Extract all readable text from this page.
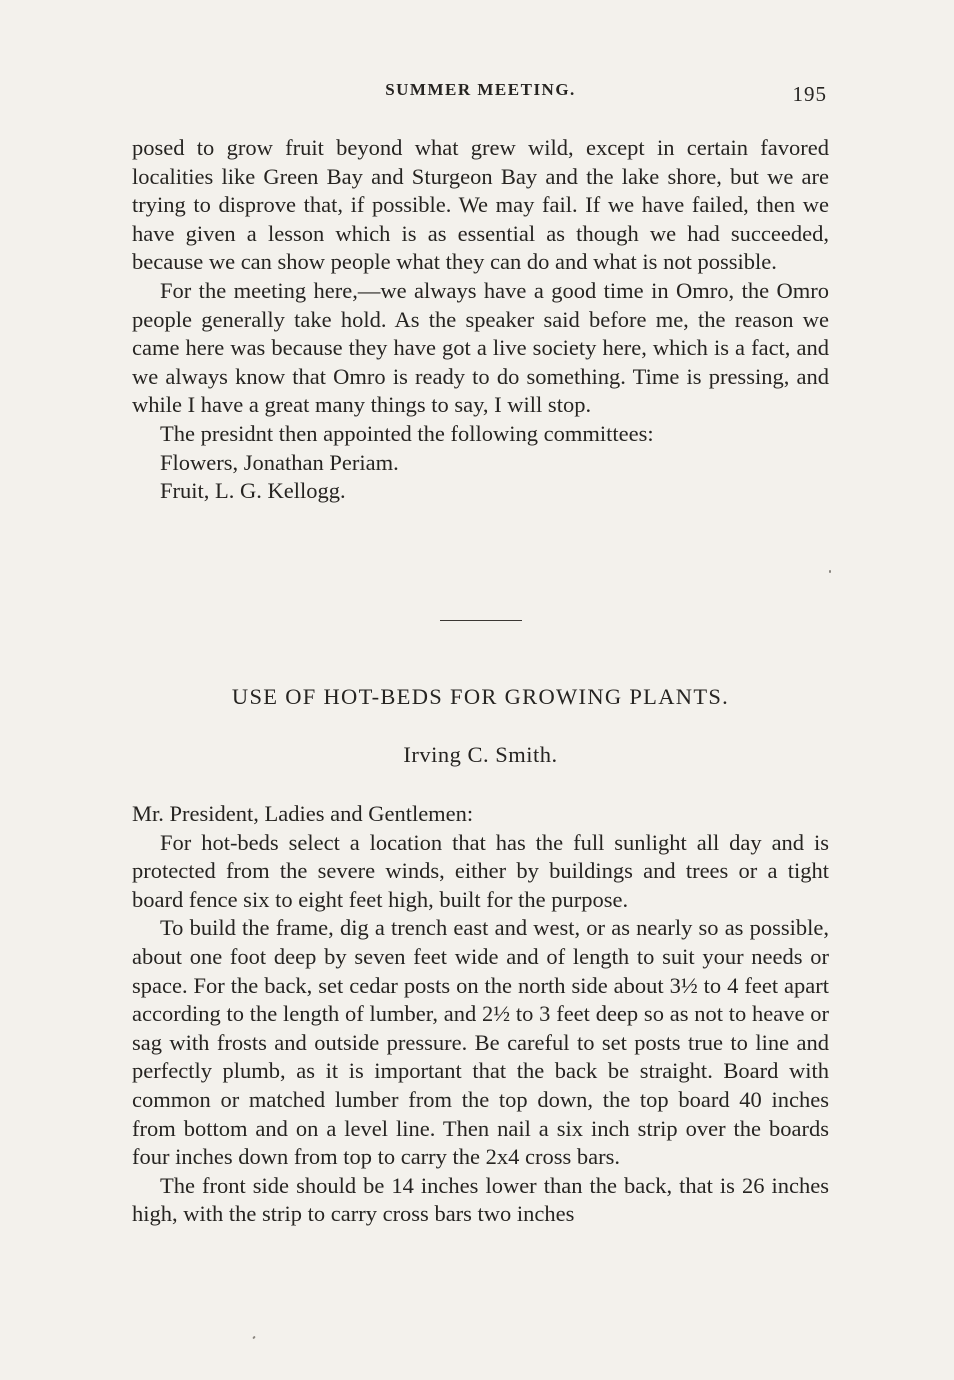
SUMMER MEETING.	195

posed to grow fruit beyond what grew wild, except in certain favored localities like Green Bay and Sturgeon Bay and the lake shore, but we are trying to disprove that, if possible. We may fail. If we have failed, then we have given a lesson which is as essential as though we had succeeded, because we can show people what they can do and what is not possible.

For the meeting here,—we always have a good time in Omro, the Omro people generally take hold. As the speaker said before me, the reason we came here was because they have got a live society here, which is a fact, and we always know that Omro is ready to do something. Time is pressing, and while I have a great many things to say, I will stop.

The presidnt then appointed the following committees:

Flowers, Jonathan Periam.

Fruit, L. G. Kellogg.

USE OF HOT-BEDS FOR GROWING PLANTS.
Irving C. Smith.

Mr. President, Ladies and Gentlemen:

For hot-beds select a location that has the full sunlight all day and is protected from the severe winds, either by buildings and trees or a tight board fence six to eight feet high, built for the purpose.

To build the frame, dig a trench east and west, or as nearly so as possible, about one foot deep by seven feet wide and of length to suit your needs or space. For the back, set cedar posts on the north side about 3½ to 4 feet apart according to the length of lumber, and 2½ to 3 feet deep so as not to heave or sag with frosts and outside pressure. Be careful to set posts true to line and perfectly plumb, as it is important that the back be straight. Board with common or matched lumber from the top down, the top board 40 inches from bottom and on a level line. Then nail a six inch strip over the boards four inches down from top to carry the 2x4 cross bars.

The front side should be 14 inches lower than the back, that is 26 inches high, with the strip to carry cross bars two inches
